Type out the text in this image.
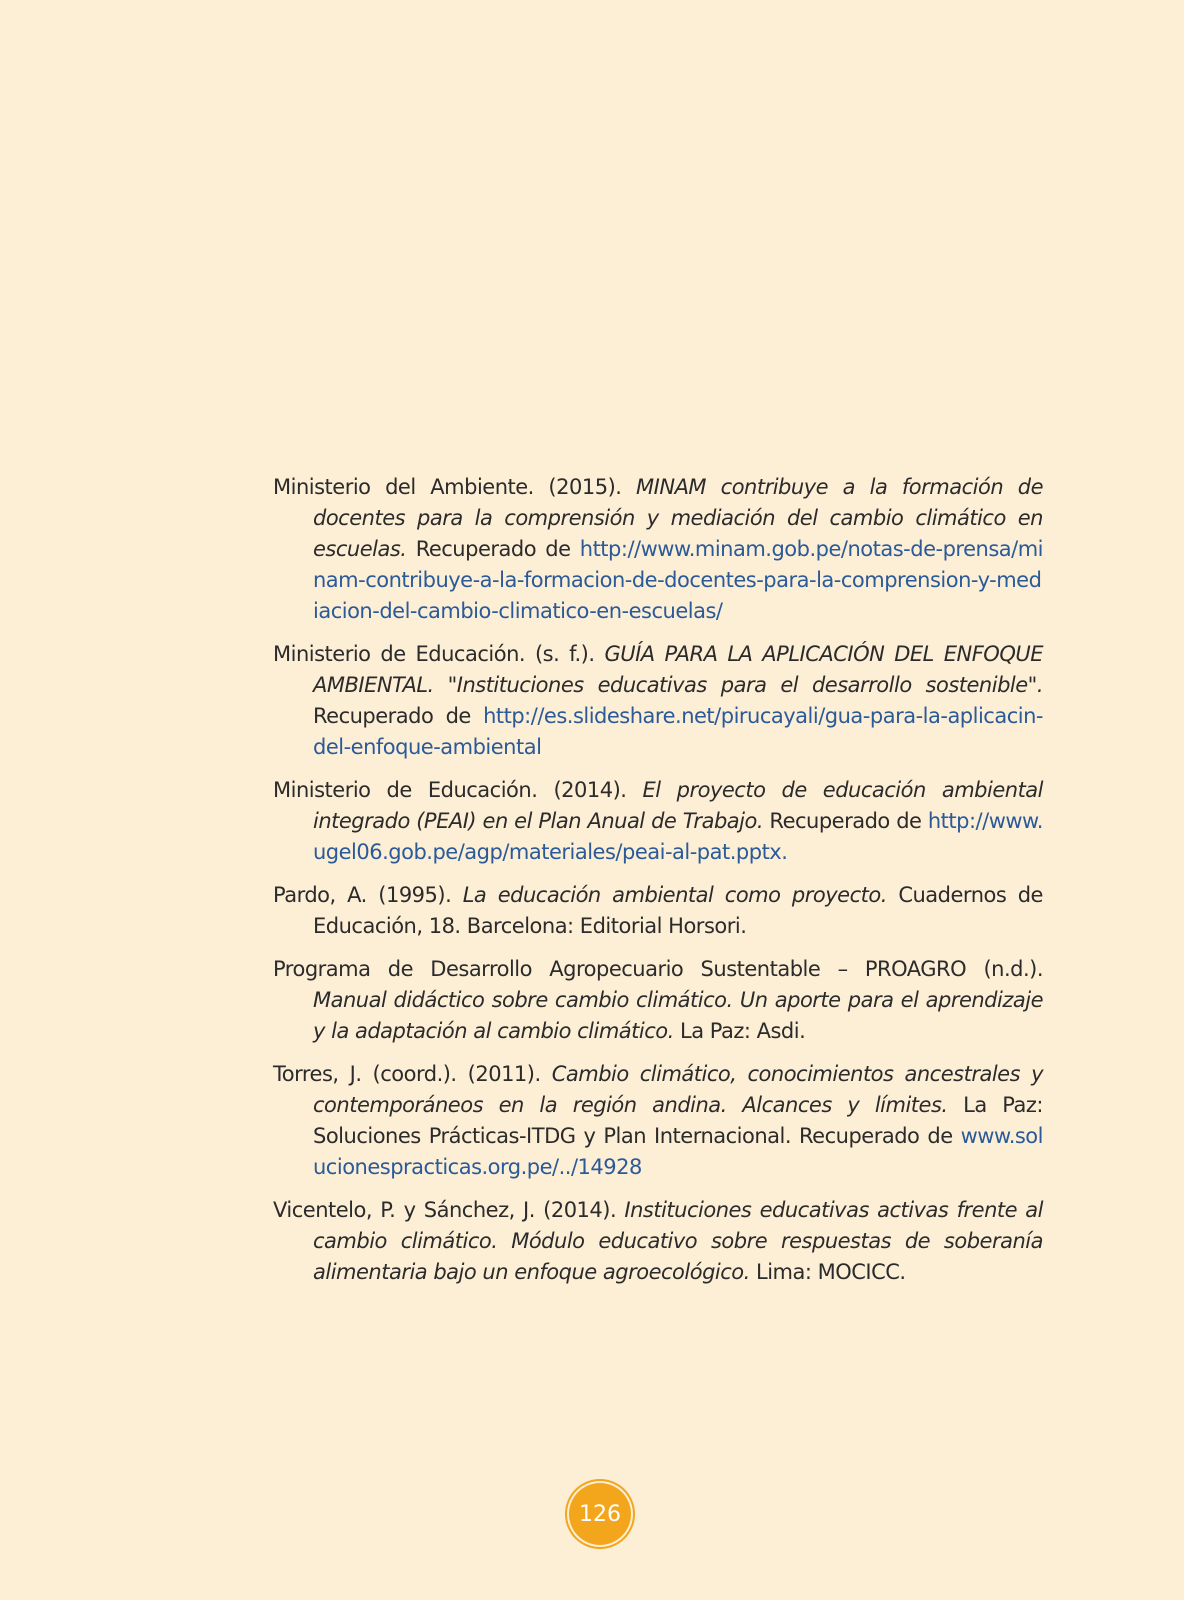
Ministerio del Ambiente. (2015). MINAM contribuye a la formación de docentes para la comprensión y mediación del cambio climático en escuelas. Recuperado de http://www.minam.gob.pe/notas-de-prensa/minam-contribuye-a-la-formacion-de-docentes-para-la-comprension-y-mediacion-del-cambio-climatico-en-escuelas/

Ministerio de Educación. (s. f.). GUÍA PARA LA APLICACIÓN DEL ENFOQUE AMBIENTAL. "Instituciones educativas para el desarrollo sostenible". Recuperado de http://es.slideshare.net/pirucayali/gua-para-la-aplicacin-del-enfoque-ambiental

Ministerio de Educación. (2014). El proyecto de educación ambiental integrado (PEAI) en el Plan Anual de Trabajo. Recuperado de http://www.ugel06.gob.pe/agp/materiales/peai-al-pat.pptx.

Pardo, A. (1995). La educación ambiental como proyecto. Cuadernos de Educación, 18. Barcelona: Editorial Horsori.

Programa de Desarrollo Agropecuario Sustentable – PROAGRO (n.d.). Manual didáctico sobre cambio climático. Un aporte para el aprendizaje y la adaptación al cambio climático. La Paz: Asdi.

Torres, J. (coord.). (2011). Cambio climático, conocimientos ancestrales y contemporáneos en la región andina. Alcances y límites. La Paz: Soluciones Prácticas-ITDG y Plan Internacional. Recuperado de www.solucionespracticas.org.pe/../14928

Vicentelo, P. y Sánchez, J. (2014). Instituciones educativas activas frente al cambio climático. Módulo educativo sobre respuestas de soberanía alimentaria bajo un enfoque agroecológico. Lima: MOCICC.

126
